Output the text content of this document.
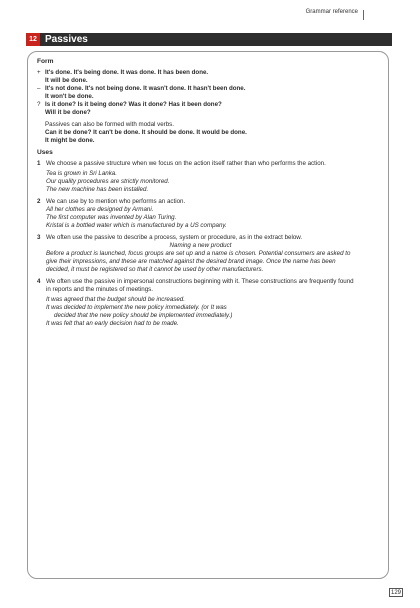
Grammar reference
12 Passives
Form
+ It's done. It's being done. It was done. It has been done.
It will be done.
– It's not done. It's not being done. It wasn't done. It hasn't been done.
It won't be done.
? Is it done? Is it being done? Was it done? Has it been done?
Will it be done?
Passives can also be formed with modal verbs.
Can it be done? It can't be done. It should be done. It would be done.
It might be done.
Uses
1 We choose a passive structure when we focus on the action itself rather than who performs the action.
Tea is grown in Sri Lanka.
Our quality procedures are strictly monitored.
The new machine has been installed.
2 We can use by to mention who performs an action.
All her clothes are designed by Armani.
The first computer was invented by Alan Turing.
Kristal is a bottled water which is manufactured by a US company.
3 We often use the passive to describe a process, system or procedure, as in the extract below.
Naming a new product
Before a product is launched, focus groups are set up and a name is chosen. Potential consumers are asked to give their impressions, and these are matched against the desired brand image. Once the name has been decided, it must be registered so that it cannot be used by other manufacturers.
4 We often use the passive in impersonal constructions beginning with it. These constructions are frequently found in reports and the minutes of meetings.
It was agreed that the budget should be increased.
It was decided to implement the new policy immediately. (or It was
decided that the new policy should be implemented immediately.)
It was felt that an early decision had to be made.
129
